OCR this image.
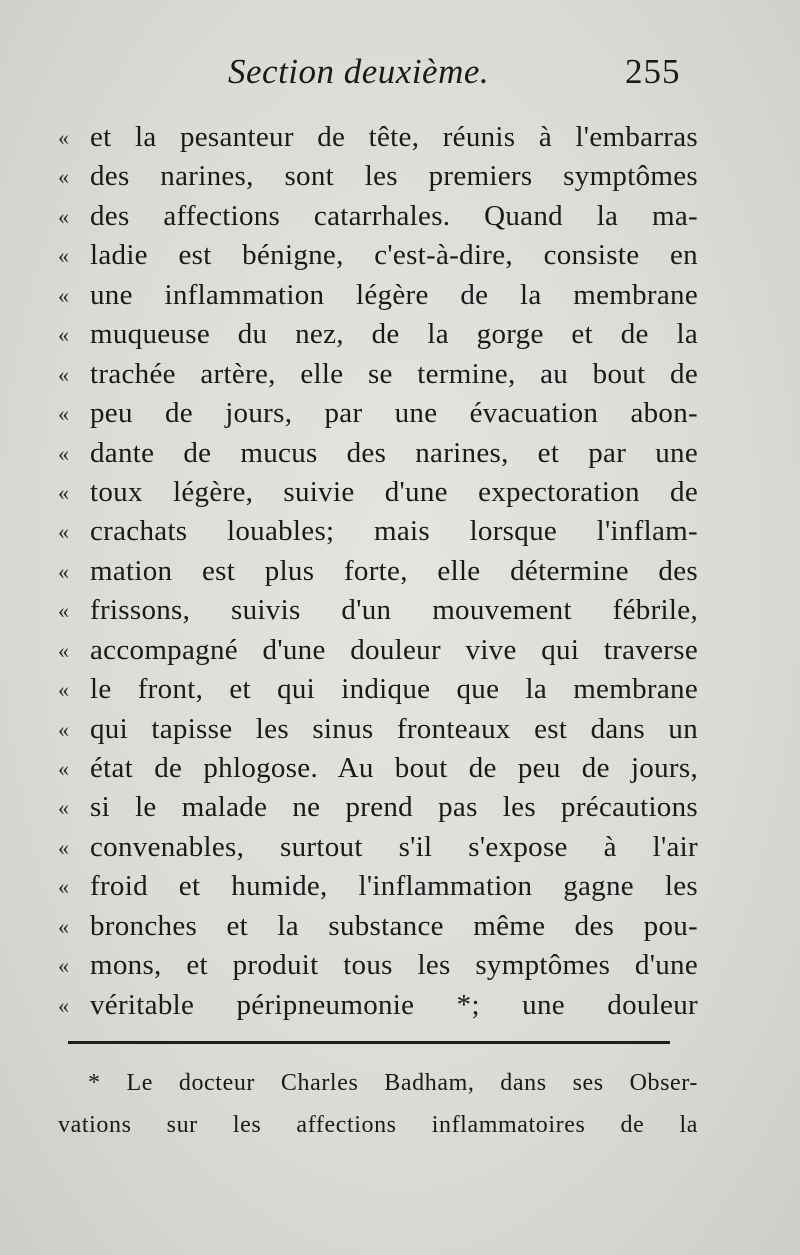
Section deuxième.	255
« et la pesanteur de tête, réunis à l'embarras
« des narines, sont les premiers symptômes
« des affections catarrhales. Quand la ma-
« ladie est bénigne, c'est-à-dire, consiste en
« une inflammation légère de la membrane
« muqueuse du nez, de la gorge et de la
« trachée artère, elle se termine, au bout de
« peu de jours, par une évacuation abon-
« dante de mucus des narines, et par une
« toux légère, suivie d'une expectoration de
« crachats louables; mais lorsque l'inflam-
« mation est plus forte, elle détermine des
« frissons, suivis d'un mouvement fébrile,
« accompagné d'une douleur vive qui traverse
« le front, et qui indique que la membrane
« qui tapisse les sinus fronteaux est dans un
« état de phlogose. Au bout de peu de jours,
« si le malade ne prend pas les précautions
« convenables, surtout s'il s'expose à l'air
« froid et humide, l'inflammation gagne les
« bronches et la substance même des pou-
« mons, et produit tous les symptômes d'une
« véritable péripneumonie *; une douleur
* Le docteur Charles Badham, dans ses Obser-
vations sur les affections inflammatoires de la
